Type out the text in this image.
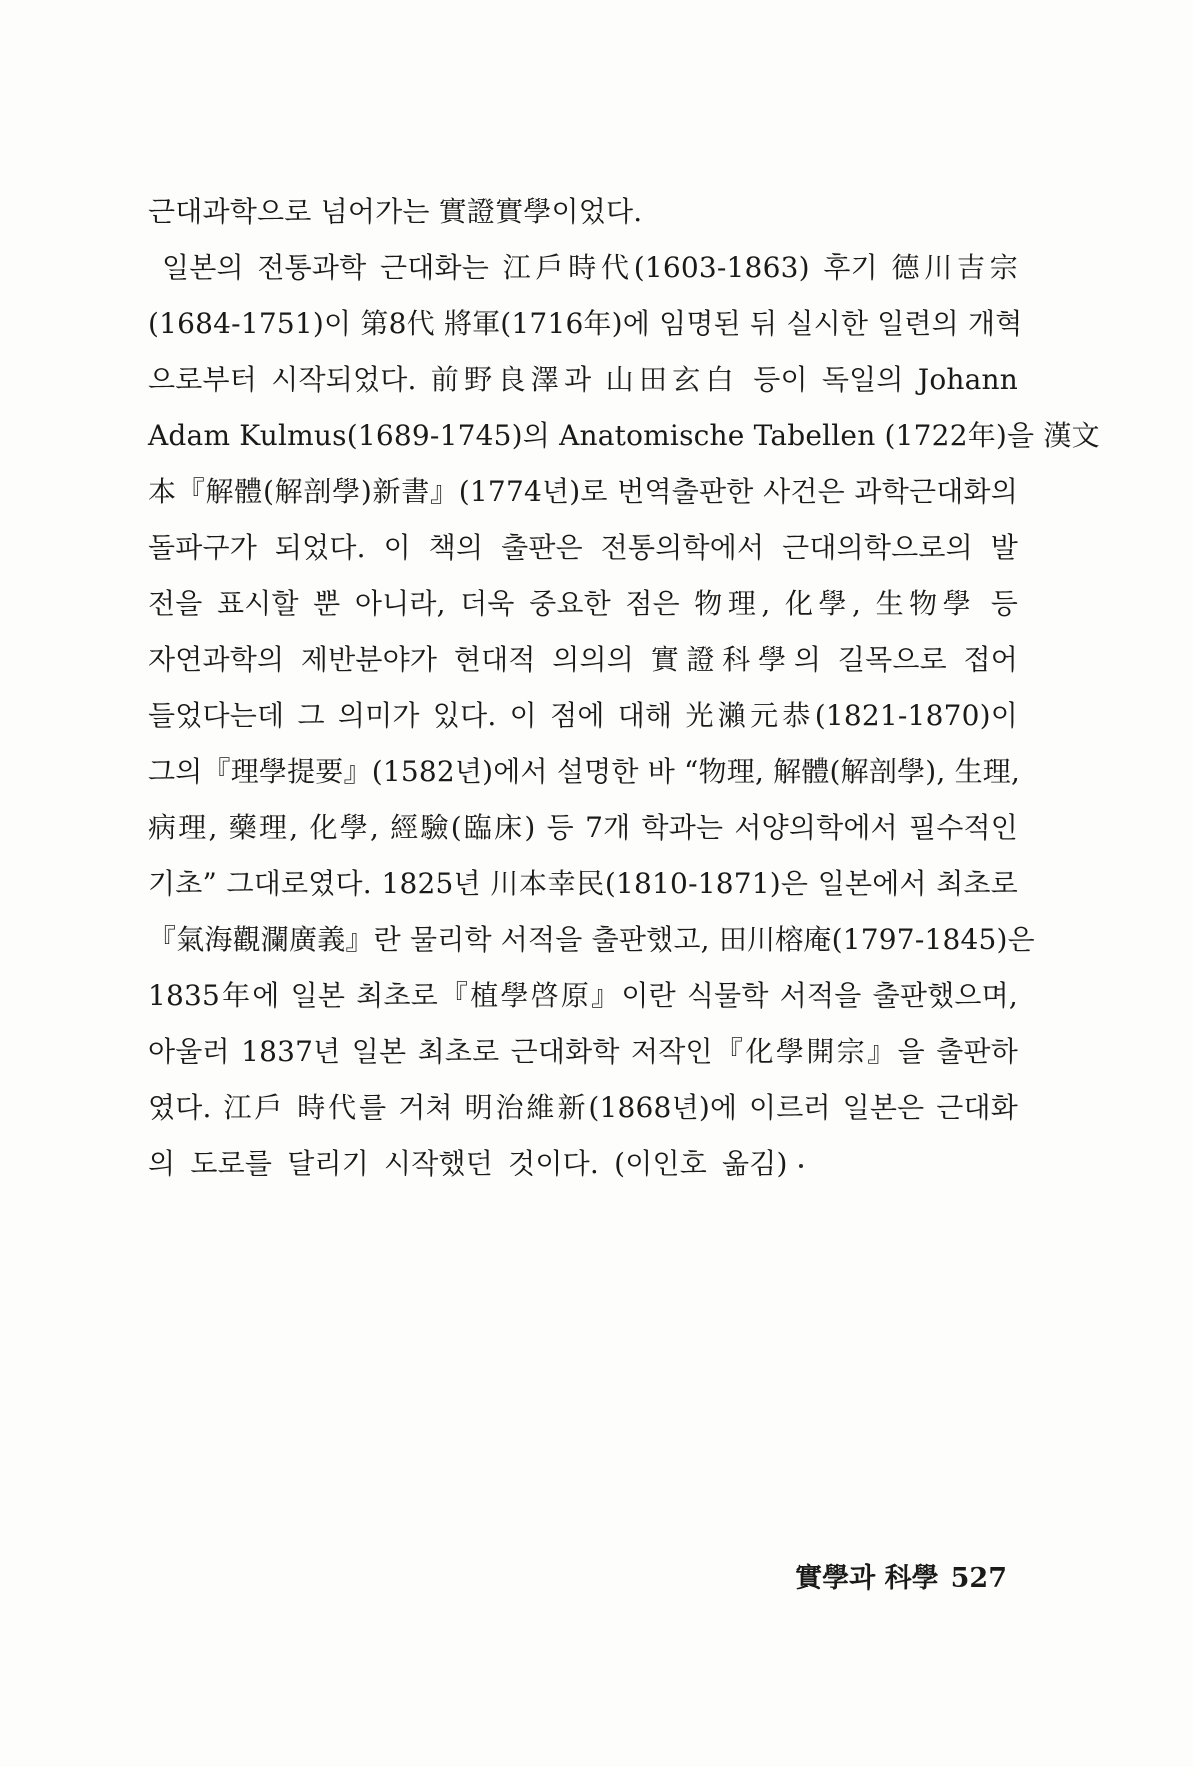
근대과학으로 넘어가는 實證實學이었다.
일본의 전통과학 근대화는 江戶時代(1603-1863) 후기 德川吉宗
(1684-1751)이 第8代 將軍(1716年)에 임명된 뒤 실시한 일련의 개혁
으로부터 시작되었다. 前野良澤과 山田玄白 등이 독일의 Johann
Adam Kulmus(1689-1745)의 Anatomische Tabellen (1722年)을 漢文
本『解體(解剖學)新書』(1774년)로 번역출판한 사건은 과학근대화의
돌파구가 되었다. 이 책의 출판은 전통의학에서 근대의학으로의 발
전을 표시할 뿐 아니라, 더욱 중요한 점은 物理, 化學, 生物學 등
자연과학의 제반분야가 현대적 의의의 實證科學의 길목으로 접어
들었다는데 그 의미가 있다. 이 점에 대해 光瀨元恭(1821-1870)이
그의『理學提要』(1582년)에서 설명한 바 “物理, 解體(解剖學), 生理,
病理, 藥理, 化學, 經驗(臨床) 등 7개 학과는 서양의학에서 필수적인
기초” 그대로였다. 1825년 川本幸民(1810-1871)은 일본에서 최초로
『氣海觀瀾廣義』란 물리학 서적을 출판했고, 田川榕庵(1797-1845)은
1835年에 일본 최초로『植學啓原』이란 식물학 서적을 출판했으며,
아울러 1837년 일본 최초로 근대화학 저작인『化學開宗』을 출판하
였다. 江戶 時代를 거쳐 明治維新(1868년)에 이르러 일본은 근대화
의 도로를 달리기 시작했던 것이다. (이인호 옮김)
實學과 科學 527
